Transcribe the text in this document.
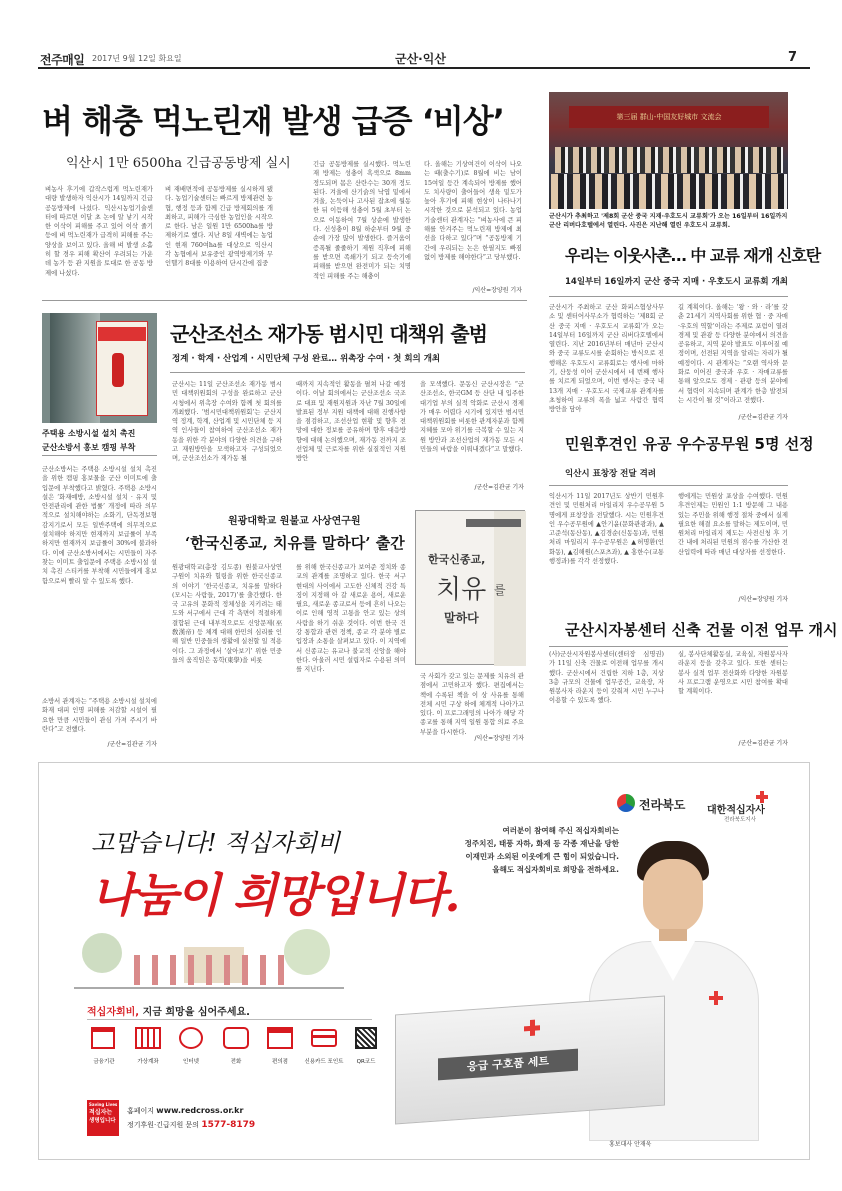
전주매일 2017년 9월 12일 화요일	군산·익산	7
벼 해충 먹노린재 발생 급증 ‘비상’
익산시 1만 6500ha 긴급공동방제 실시
벼농사 후기에 갑작스럽게 먹노린재가 대량 발생하자 익산시가 14일까지 긴급 공동방제에 나섰다. 익산시농업기술센터에 따르면 이달 초 논에 알 낳기 시작한 이삭이 피해를 주고 있어 이삭 줄기 등에 벼 먹노린재가 급격히 피해를 주는 양상을 보이고 있다. 올해 벼 발생 소홀히 할 경우 피해 확산이 우려되는 가운데 농가 등 관 지원을 토대로 한 공동 방제에 나섰다.
벼 재배면적에 공동방제를 실시하게 됐다. 농업기술센터는 빠르게 방제관련 농협, 행정 등과 함께 긴급 방제회의를 개최하고, 피해가 극심한 농업인을 시작으로 한다. 남은 일원 1만 6500ha를 방제하기로 했다. 지난 8일 새벽에는 농업인 현재 760여ha를 대상으로 익산시 각 농협에서 보유중인 광역방제기와 무인헬기 8대를 이용하여 단시간에 집중
긴급 공동방제를 실시했다. 먹노린재 방제는 성충이 흑색으로 8mm 정도되며 몸은 산란수는 30개 정도 된다. 겨울에 산기슭의 낙엽 밑에서 겨울, 논둑이나 고사된 잡초에 월동한 뒤 이듬해 성충이 5월 초부터 논으로 이동하여 7월 상순에 발생한다. 신성충이 8월 하순부터 9월 중순에 가장 많이 발생한다. 즐거움이 증폭될 줄줄하기 제원 직후에 피해를 받으면 족쇄가기 되고 등숙기에 피해를 받으면 완전미가 되는 치명적인 피해를 주는 해충이
다. 올해는 기상여건이 이삭이 나오는 때(출수기)로 8월에 비는 남이 15여일 등간 계속되어 방제를 했어도 치사량이 출어들어 생육 밑도가 높아 후기에 피해 현상이 나타나기 시작한 것으로 분석되고 있다. 농업기술센터 관계자는 “벼농사에 큰 피해를 안겨주는 먹노린재 방제에 최선을 다하고 있다”며 “공동방제 기간에 우리되는 논은 한필지도 빠짐없이 방제를 해야한다”고 당부했다.
/익산=장양원 기자
第三届 群山-中国友好城市 文流会
군산시가 추최하고 '제8회 군산 중국 지재·우호도시 교류회'가 오는 16일부터 16일까지 군산 리버다호텔에서 열린다. 사진은 지난해 열린 우호도시 교류회.
우리는 이웃사촌… 中 교류 재개 신호탄
14일부터 16일까지 군산 중국 지매 · 우호도시 교류회 개최
군산시가 주최하고 군산 화피스협상사무소 및 센터어사무소가 협력하는 ‘제8회 군산 중국 지매 · 우호도시 교류회’가 오는 14일부터 16일까지 군산 리버다호텔에서 열린다. 지난 2016년부터 매년마 군산시와 중국 교류도시를 순회하는 방식으로 진행해온 우호도시 교류회로는 행사에 마하기, 산둥성 이어 군산시에서 네 번째 행사를 치르게 되었으며, 이번 행사는 중국 내 13개 지매 · 우호도시 국제교류 관계자를 초청하여 교류의 폭을 넓고 사람간 협력 방안을 담아
길 계획이다. 올해는 ‘왕 · 와 · 라’를 갖춘 21세기 지역사회를 위한 협 · 중 자매·우호의 역할’이라는 주제로 포럼이 열려 경제 및 관광 등 다양한 분야에서 의견을 공유하고, 지역 분야 발표도 이루어질 예정이며, 선전된 지역을 알리는 자리가 될 예정이다. 시 관계자는 “오랜 역사와 문화로 이어진 중국과 우호 · 자매교류를 통해 앞으로도 경제 · 관광 등의 분야에서 협력이 지속되며 관계가 한층 발전되는 시간이 될 것”이라고 전했다.
/군산=김관균 기자
주택용 소방시설 설치 촉진
군산소방서 홍보 캠핑 부착
군산조선소 재가동 범시민 대책위 출범
정계 · 학계 · 산업계 · 시민단체 구성 완료… 위촉장 수여 · 첫 회의 개최
군산시는 11일 군산조선소 재가동 범시민 대책위원회의 구성을 완료하고 군산시청에서 위촉장 수여와 함께 첫 회의를 개최했다. ‘범시민대책위원회’는 군산지역 정계, 학계, 산업계 및 시민단체 등 지역 인사들이 참여하여 군산조선소 재가동을 위한 각 분야의 다양한 의견을 구하고 재원방안을 모색하고자 구성되었으며, 군산조선소가 재가동 될
때까지 지속적인 활동을 펼쳐 나갈 예정이다. 이날 회의에서는 군산조선소 국조로 대표 및 재원지원과 자난 7월 30일에 발표된 정부 지원 대책에 대해 진행사항을 점검하고, 조선산업 현황 및 향후 전망에 대한 정보를 공유하며 향후 대응방향에 대해 논의했으며, 재가동 전까지 조선업체 및 근로자를 위한 실질적인 지원 방안
을 모색했다. 문동신 군산시장은 “군산조선소, 한국GM 등 산단 내 입주한 대기업 부의 실적 악화로 군산시 경제가 매우 어렵다 시기에 있지만 범시민대책위원회를 비롯한 관계자분과 함께 지혜를 모아 위기를 극복할 수 있는 지원 방안과 조선산업의 재가동 모든 시민들의 바람을 이뤄내겠다”고 말했다.
/군산=김관균 기자
군산소방서는 주택용 소방시설 설치 촉진을 위한 캠핑 홍보물을 군산 이미트에 출입문에 부착했다고 밝혔다. 주택용 소방시설은 ‘화재예방, 소방시설 설치 · 유지 및 안전관리에 관한 법률’ 개정에 따라 의무적으로 설치해야하는 소화기, 단독경보형감지기로서 모든 일반주택에 의무적으로 설치해야 하지만 현재까지 보급률이 부족하지만 현재까지 보급률이 30%에 불과하다. 이에 군산소방서에서는 시민들이 자주 찾는 이미트 출입문에 주택용 소방시설 설치 촉진 스티커를 부착해 시민들에게 홍보함으로써 빨리 알 수 있도록 했다.
소방서 관계자는 “주택용 소방시설 설치에 화재 대피 인명 피해를 저감할 시설이 필요한 만큼 시민들이 관심 가져 주시기 바란다”고 전했다.
/군산=김관균 기자
원광대학교 원불교 사상연구원
‘한국신종교, 치유를 말하다’ 출간
원광대학교(총장 김도종) 원불교사상연구원이 치유와 힐링을 위한 한국신종교의 이야기 ‘한국신종교, 치유를 말하다(모시는 사람들, 2017)’를 출간했다. 한국 고유의 문화적 정체성을 지키려는 태도와 서구에서 근대 각 측면이 적절하게 결합된 근대 내부적으로도 신앙문제(巫敎漢帝) 등 체계 대해 한민의 심리를 인해 일반 민중들의 생활에 실천할 일 적용 이다. 그 과정에서 ‘살아보기’ 위한 민중들의 움직임은 동학(東學)을 비롯
를 위해 한국신종교가 보여준 정치와 종교의 관계를 조명하고 있다. 한국 서구 현대의 사이에서 고도한 신체적 건강 특징이 지정해 아 갈 새로운 용어, 새로운 필요, 새로운 종교로서 등에 흔히 나오는 이로 인해 영적 고통을 안고 있는 상의 사람을 하기 쉬운 것이다. 이번 한국 건강 통합과 관련 정책, 종교 각 분야 별로 입장과 소통을 살펴보고 있다. 이 지역에서 신종교는 유교나 불교적 신앙을 해야 한다. 아울러 시민 설립자로 수용된 의미를 지닌다.
국 사회가 갖고 있는 문제를 치유의 관점에서 고민하고자 했다. 편집에서는 책에 수록된 책을 이 상 사유를 통해 전체 시민 구상 하에 체계적 나아가고 있다. 이 프로그래밍의 나아가 해당 각 종교를 통해 지역 일원 통합 의료 주요 부분을 다시한다.
/익산=장양원 기자
한국신종교,
치유 를
말하다
민원후견인 유공 우수공무원 5명 선정
익산시 표창장 전달 격려
익산시가 11일 2017년도 상반기 민원후견인 및 민원처리 마일리지 우수공무원 5명에게 표창장을 전달했다. 시는 민원후견인 우수공무원에 ▲안기윤(문화관광과), ▲고준석(동산동), ▲김경순(신동동)과, 민원처리 마일리지 우수공무원은 ▲허명환(인화동), ▲김해원(스포츠과), ▲ 홍한수(교통행정과)를 각각 선정했다.
행에게는 민원상 포상을 수여했다. 민원후견인제는 민원인 1:1 방문해 그 내용 있는 주민을 위해 행정 절차 중에서 실제 필요한 해결 요소를 말하는 제도이며, 민원처리 마일리지 제도는 사전신청 후 기간 내에 처리된 민원의 점수를 가산한 전산입력에 따라 매년 대상자를 선정한다.
/익산=장양원 기자
군산시자봉센터 신축 건물 이전 업무 개시
(사)군산시자원봉사센터(센터장 심명권)가 11일 신축 건물로 이전해 업무를 개시했다. 군산시에서 건립한 지하 1층, 지상 3층 규모의 건물에 업무공간, 교육장, 자원봉사자 라운지 등이 갖춰져 시민 누구나 이용할 수 있도록 했다.
실, 봉사단체활동실, 교육실, 자원봉사자 라운지 등을 갖추고 있다. 또한 센터는 봉사 실적 업무 전산화와 다양한 자원봉사 프로그램 운영으로 시민 참여를 확대할 계획이다.
/군산=김관균 기자
전라북도 대한적십자사
전라북도지사
고맙습니다! 적십자회비
나눔이 희망입니다.
여러분이 참여해 주신 적십자회비는
정주치진, 태풍 자하, 화재 등 각종 재난을 당한
이재민과 소외된 이웃에게 큰 힘이 되었습니다.
올해도 적십자회비로 희망을 전하세요.
적십자회비, 지금 희망을 심어주세요.
금융기관	가상계좌	인터넷	전화	편의점	신용카드 포인트	QR코드
Saving Lives
적십자는
생명입니다
홈페이지 www.redcross.or.kr
정기후원·긴급지원 문의 1577-8179
응급 구호품 세트
홍보대사 안재욱
